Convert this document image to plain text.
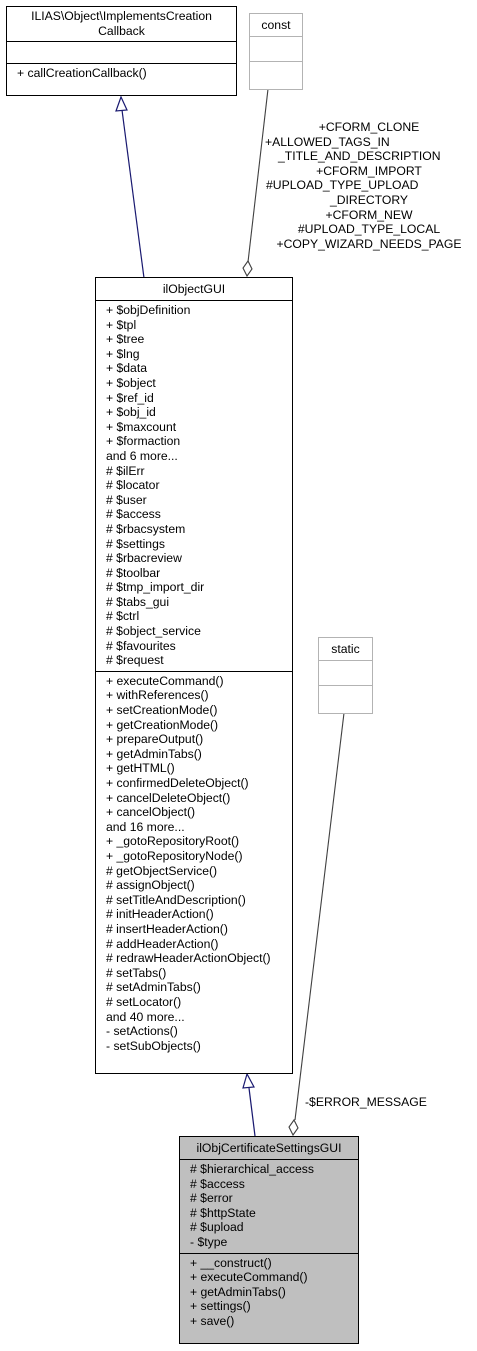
ILIAS\Object\ImplementsCreation
Callback
+ callCreationCallback()
const
+CFORM_CLONE
+ALLOWED_TAGS_IN
_TITLE_AND_DESCRIPTION
+CFORM_IMPORT
#UPLOAD_TYPE_UPLOAD
_DIRECTORY
+CFORM_NEW
#UPLOAD_TYPE_LOCAL
+COPY_WIZARD_NEEDS_PAGE
ilObjectGUI
+ $objDefinition
+ $tpl
+ $tree
+ $lng
+ $data
+ $object
+ $ref_id
+ $obj_id
+ $maxcount
+ $formaction
and 6 more...
# $ilErr
# $locator
# $user
# $access
# $rbacsystem
# $settings
# $rbacreview
# $toolbar
# $tmp_import_dir
# $tabs_gui
# $ctrl
# $object_service
# $favourites
# $request
+ executeCommand()
+ withReferences()
+ setCreationMode()
+ getCreationMode()
+ prepareOutput()
+ getAdminTabs()
+ getHTML()
+ confirmedDeleteObject()
+ cancelDeleteObject()
+ cancelObject()
and 16 more...
+ _gotoRepositoryRoot()
+ _gotoRepositoryNode()
# getObjectService()
# assignObject()
# setTitleAndDescription()
# initHeaderAction()
# insertHeaderAction()
# addHeaderAction()
# redrawHeaderActionObject()
# setTabs()
# setAdminTabs()
# setLocator()
and 40 more...
- setActions()
- setSubObjects()
static
-$ERROR_MESSAGE
ilObjCertificateSettingsGUI
# $hierarchical_access
# $access
# $error
# $httpState
# $upload
- $type
+ __construct()
+ executeCommand()
+ getAdminTabs()
+ settings()
+ save()
